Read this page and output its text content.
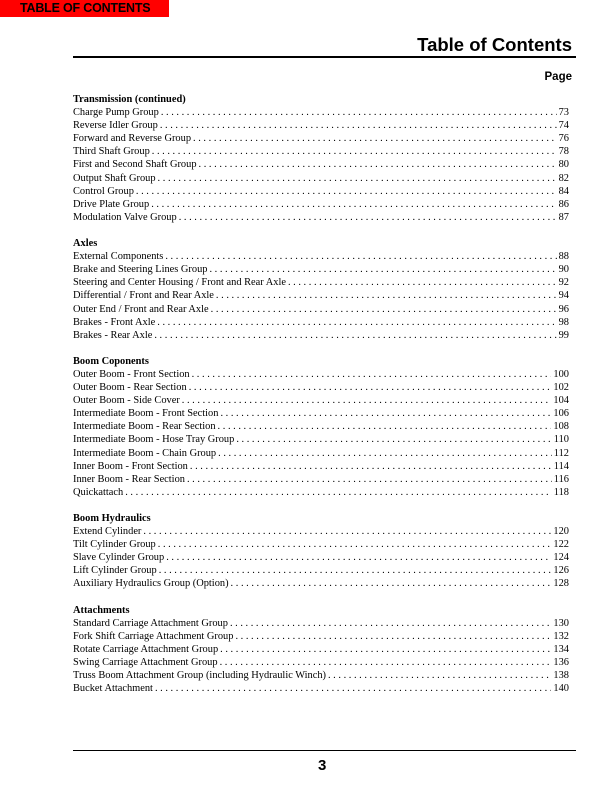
TABLE OF CONTENTS
Table of Contents
Page
Transmission (continued)
Charge Pump Group . . .	73
Reverse Idler Group . . .	74
Forward and Reverse Group . . .	76
Third Shaft Group . . .	78
First and Second Shaft Group . . .	80
Output Shaft Group . . .	82
Control Group . . .	84
Drive Plate Group . . .	86
Modulation Valve Group . . .	87
Axles
External Components . . .	88
Brake and Steering Lines Group . . .	90
Steering and Center Housing / Front and Rear Axle . . .	92
Differential / Front and Rear Axle . . .	94
Outer End / Front and Rear Axle . . .	96
Brakes - Front Axle . . .	98
Brakes - Rear Axle . . .	99
Boom Coponents
Outer Boom - Front Section . . .	100
Outer Boom - Rear Section . . .	102
Outer Boom - Side Cover . . .	104
Intermediate Boom - Front Section . . .	106
Intermediate Boom - Rear Section . . .	108
Intermediate Boom - Hose Tray Group . . .	110
Intermediate Boom - Chain Group . . .	112
Inner Boom - Front Section . . .	114
Inner Boom - Rear Section . . .	116
Quickattach . . .	118
Boom Hydraulics
Extend Cylinder . . .	120
Tilt Cylinder Group . . .	122
Slave Cylinder Group . . .	124
Lift Cylinder Group . . .	126
Auxiliary Hydraulics Group (Option) . . .	128
Attachments
Standard Carriage Attachment Group . . .	130
Fork Shift Carriage Attachment Group . . .	132
Rotate Carriage Attachment Group . . .	134
Swing Carriage Attachment Group . . .	136
Truss Boom Attachment Group (including Hydraulic Winch) . . .	138
Bucket Attachment . . .	140
3
